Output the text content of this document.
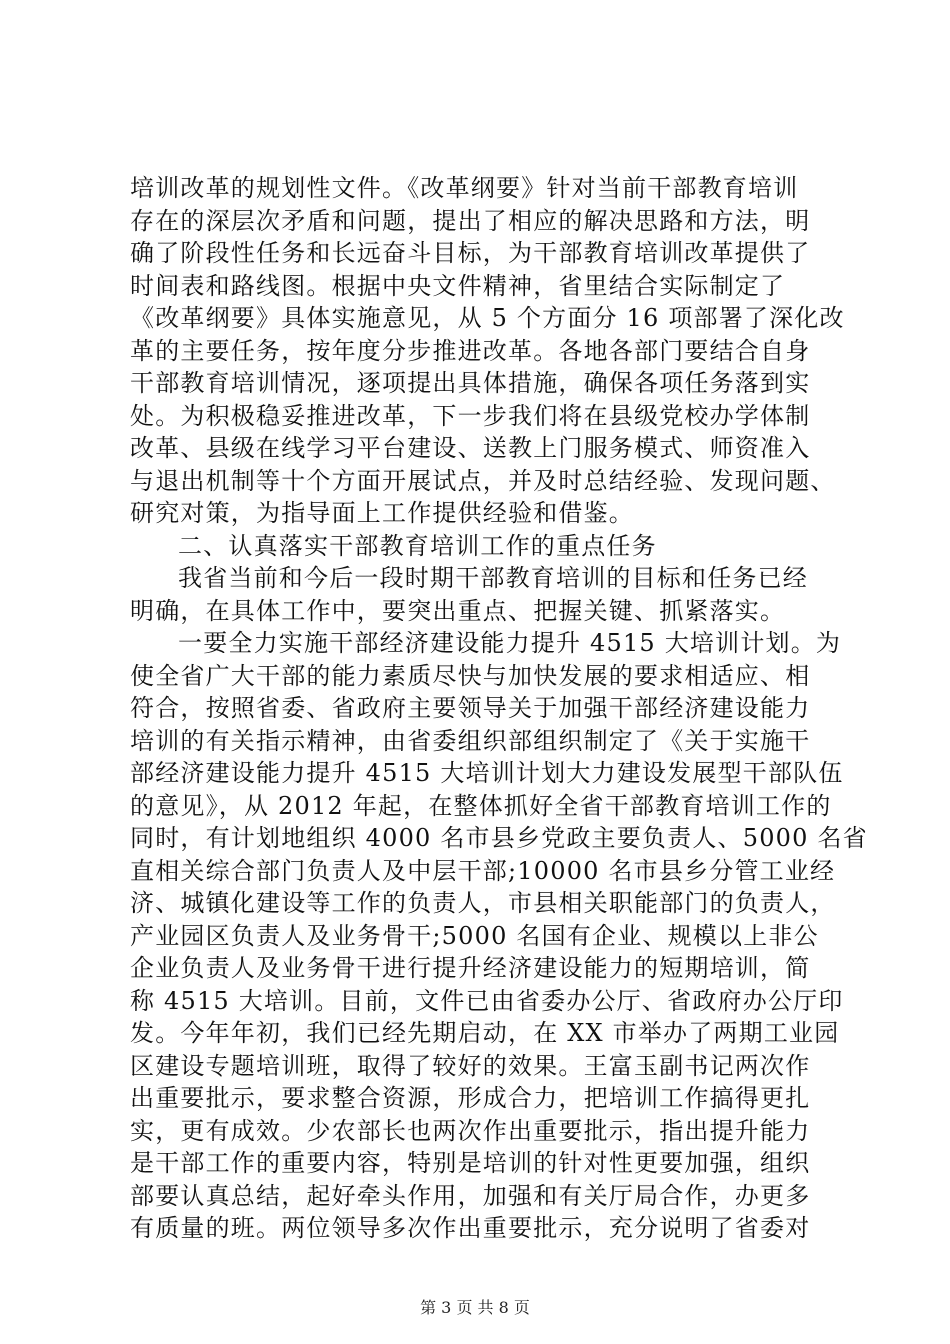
培训改革的规划性文件。《改革纲要》针对当前干部教育培训
存在的深层次矛盾和问题，提出了相应的解决思路和方法，明
确了阶段性任务和长远奋斗目标，为干部教育培训改革提供了
时间表和路线图。根据中央文件精神，省里结合实际制定了
《改革纲要》具体实施意见，从 5 个方面分 16 项部署了深化改
革的主要任务，按年度分步推进改革。各地各部门要结合自身
干部教育培训情况，逐项提出具体措施，确保各项任务落到实
处。为积极稳妥推进改革，下一步我们将在县级党校办学体制
改革、县级在线学习平台建设、送教上门服务模式、师资准入
与退出机制等十个方面开展试点，并及时总结经验、发现问题、
研究对策，为指导面上工作提供经验和借鉴。
二、认真落实干部教育培训工作的重点任务
我省当前和今后一段时期干部教育培训的目标和任务已经
明确，在具体工作中，要突出重点、把握关键、抓紧落实。
一要全力实施干部经济建设能力提升 4515 大培训计划。为
使全省广大干部的能力素质尽快与加快发展的要求相适应、相
符合，按照省委、省政府主要领导关于加强干部经济建设能力
培训的有关指示精神，由省委组织部组织制定了《关于实施干
部经济建设能力提升 4515 大培训计划大力建设发展型干部队伍
的意见》，从 2012 年起，在整体抓好全省干部教育培训工作的
同时，有计划地组织 4000 名市县乡党政主要负责人、5000 名省
直相关综合部门负责人及中层干部;10000 名市县乡分管工业经
济、城镇化建设等工作的负责人，市县相关职能部门的负责人，
产业园区负责人及业务骨干;5000 名国有企业、规模以上非公
企业负责人及业务骨干进行提升经济建设能力的短期培训，简
称 4515 大培训。目前，文件已由省委办公厅、省政府办公厅印
发。今年年初，我们已经先期启动，在 XX 市举办了两期工业园
区建设专题培训班，取得了较好的效果。王富玉副书记两次作
出重要批示，要求整合资源，形成合力，把培训工作搞得更扎
实，更有成效。少农部长也两次作出重要批示，指出提升能力
是干部工作的重要内容，特别是培训的针对性更要加强，组织
部要认真总结，起好牵头作用，加强和有关厅局合作，办更多
有质量的班。两位领导多次作出重要批示，充分说明了省委对
第 3 页 共 8 页
